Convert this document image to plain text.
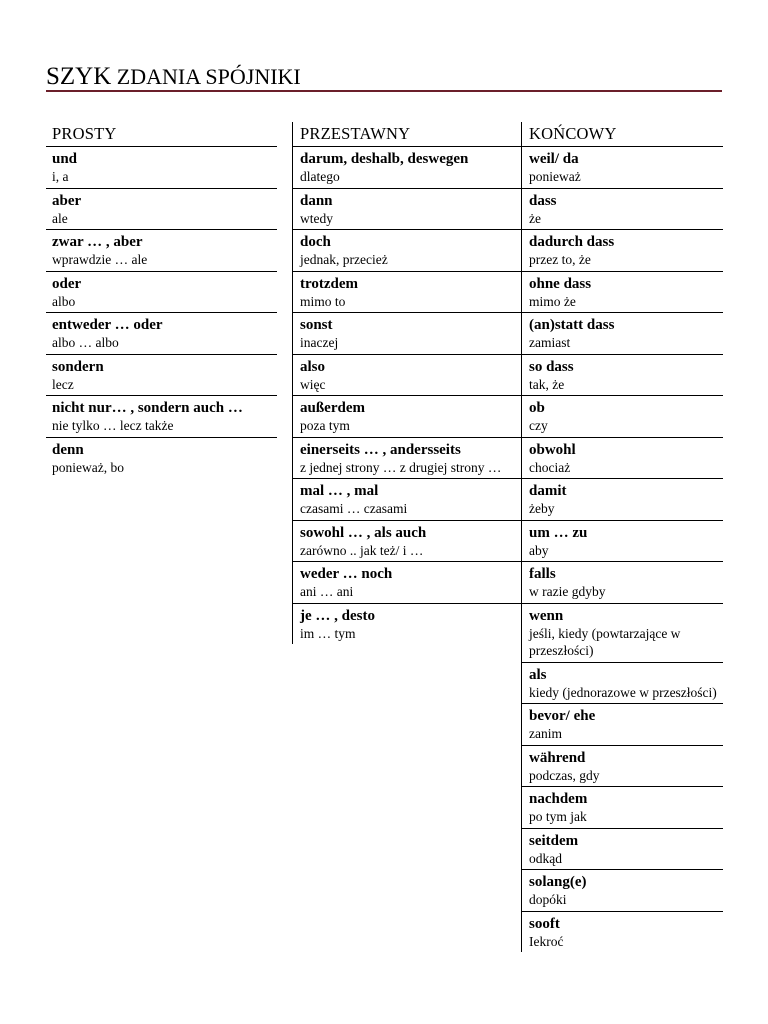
SZYK ZDANIA SPÓJNIKI
PROSTY
und
i, a
aber
ale
zwar … , aber
wprawdzie … ale
oder
albo
entweder … oder
albo … albo
sondern
lecz
nicht nur… , sondern auch …
nie tylko … lecz także
denn
ponieważ, bo
PRZESTAWNY
darum, deshalb, deswegen
dlatego
dann
wtedy
doch
jednak, przecież
trotzdem
mimo to
sonst
inaczej
also
więc
außerdem
poza tym
einerseits … , andersseits
z jednej strony … z drugiej strony …
mal … , mal
czasami … czasami
sowohl … , als auch
zarówno .. jak też/ i …
weder … noch
ani … ani
je … , desto
im … tym
KOŃCOWY
weil/ da
ponieważ
dass
że
dadurch dass
przez to, że
ohne dass
mimo że
(an)statt dass
zamiast
so dass
tak, że
ob
czy
obwohl
chociaż
damit
żeby
um … zu
aby
falls
w razie gdyby
wenn
jeśli, kiedy (powtarzające w przeszłości)
als
kiedy (jednorazowe w przeszłości)
bevor/ ehe
zanim
während
podczas, gdy
nachdem
po tym jak
seitdem
odkąd
solang(e)
dopóki
sooft
Iekroć
